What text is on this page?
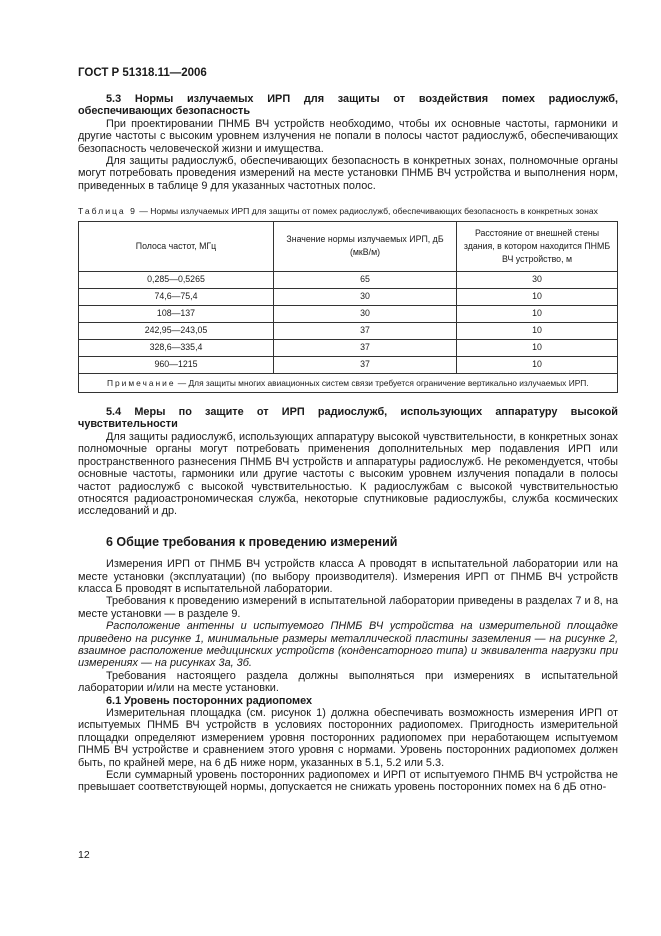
ГОСТ Р 51318.11—2006

5.3 Нормы излучаемых ИРП для защиты от воздействия помех радиослужб, обеспечивающих безопасность

При проектировании ПНМБ ВЧ устройств необходимо, чтобы их основные частоты, гармоники и другие частоты с высоким уровнем излучения не попали в полосы частот радиослужб, обеспечивающих безопасность человеческой жизни и имущества.

Для защиты радиослужб, обеспечивающих безопасность в конкретных зонах, полномочные органы могут потребовать проведения измерений на месте установки ПНМБ ВЧ устройства и выполнения норм, приведенных в таблице 9 для указанных частотных полос.

Таблица 9 — Нормы излучаемых ИРП для защиты от помех радиослужб, обеспечивающих безопасность в конкретных зонах
Полоса частот, МГц	Значение нормы излучаемых ИРП, дБ (мкВ/м)	Расстояние от внешней стены здания, в котором находится ПНМБ ВЧ устройство, м
0,285—0,5265	65	30
74,6—75,4	30	10
108—137	30	10
242,95—243,05	37	10
328,6—335,4	37	10
960—1215	37	10
Примечание — Для защиты многих авиационных систем связи требуется ограничение вертикально излучаемых ИРП.		

5.4 Меры по защите от ИРП радиослужб, использующих аппаратуру высокой чувствительности

Для защиты радиослужб, использующих аппаратуру высокой чувствительности, в конкретных зонах полномочные органы могут потребовать применения дополнительных мер подавления ИРП или пространственного разнесения ПНМБ ВЧ устройств и аппаратуры радиослужб. Не рекомендуется, чтобы основные частоты, гармоники или другие частоты с высоким уровнем излучения попадали в полосы частот радиослужб с высокой чувствительностью. К радиослужбам с высокой чувствительностью относятся радиоастрономическая служба, некоторые спутниковые радиослужбы, служба космических исследований и др.

6 Общие требования к проведению измерений

Измерения ИРП от ПНМБ ВЧ устройств класса А проводят в испытательной лаборатории или на месте установки (эксплуатации) (по выбору производителя). Измерения ИРП от ПНМБ ВЧ устройств класса Б проводят в испытательной лаборатории.

Требования к проведению измерений в испытательной лаборатории приведены в разделах 7 и 8, на месте установки — в разделе 9.

Расположение антенны и испытуемого ПНМБ ВЧ устройства на измерительной площадке приведено на рисунке 1, минимальные размеры металлической пластины заземления — на рисунке 2, взаимное расположение медицинских устройств (конденсаторного типа) и эквивалента нагрузки при измерениях — на рисунках 3а, 3б.

Требования настоящего раздела должны выполняться при измерениях в испытательной лаборатории и/или на месте установки.

6.1 Уровень посторонних радиопомех

Измерительная площадка (см. рисунок 1) должна обеспечивать возможность измерения ИРП от испытуемых ПНМБ ВЧ устройств в условиях посторонних радиопомех. Пригодность измерительной площадки определяют измерением уровня посторонних радиопомех при неработающем испытуемом ПНМБ ВЧ устройстве и сравнением этого уровня с нормами. Уровень посторонних радиопомех должен быть, по крайней мере, на 6 дБ ниже норм, указанных в 5.1, 5.2 или 5.3.

Если суммарный уровень посторонних радиопомех и ИРП от испытуемого ПНМБ ВЧ устройства не превышает соответствующей нормы, допускается не снижать уровень посторонних помех на 6 дБ отно-

12
